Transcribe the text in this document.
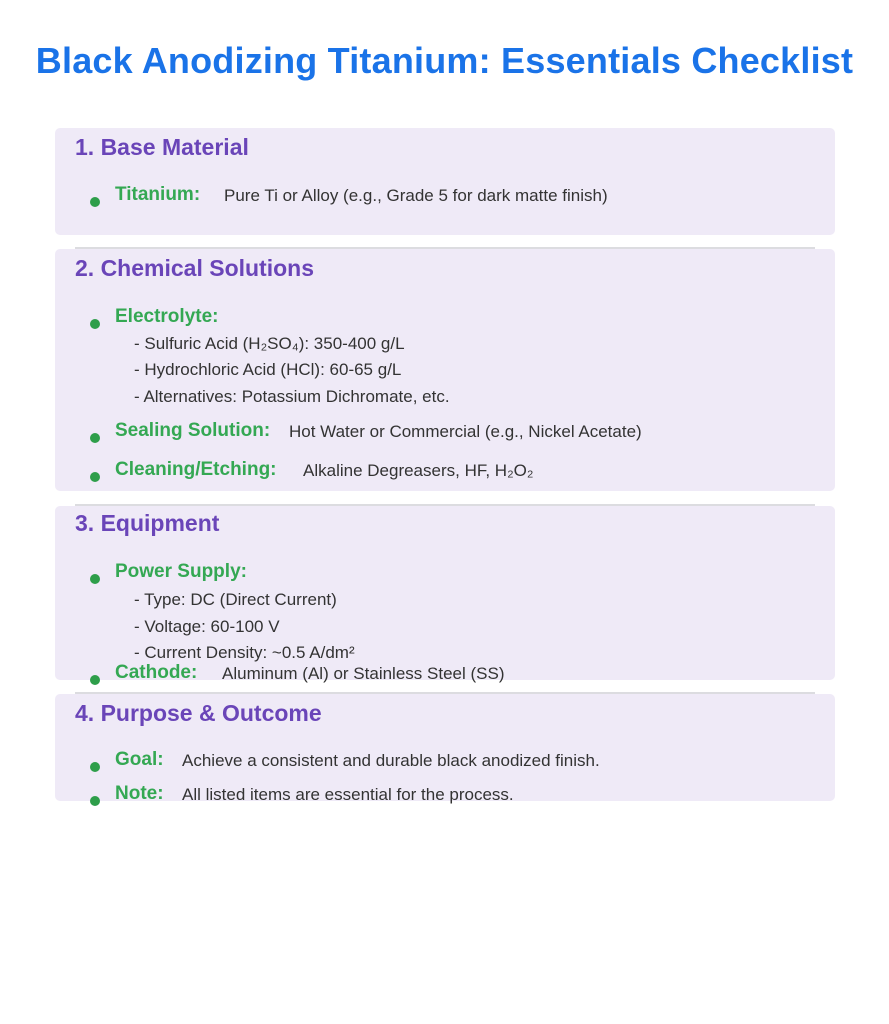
Black Anodizing Titanium: Essentials Checklist
1. Base Material
Titanium: Pure Ti or Alloy (e.g., Grade 5 for dark matte finish)
2. Chemical Solutions
Electrolyte:
- Sulfuric Acid (H₂SO₄): 350-400 g/L
- Hydrochloric Acid (HCl): 60-65 g/L
- Alternatives: Potassium Dichromate, etc.
Sealing Solution: Hot Water or Commercial (e.g., Nickel Acetate)
Cleaning/Etching: Alkaline Degreasers, HF, H₂O₂
3. Equipment
Power Supply:
- Type: DC (Direct Current)
- Voltage: 60-100 V
- Current Density: ~0.5 A/dm²
Cathode: Aluminum (Al) or Stainless Steel (SS)
4. Purpose & Outcome
Goal: Achieve a consistent and durable black anodized finish.
Note: All listed items are essential for the process.
